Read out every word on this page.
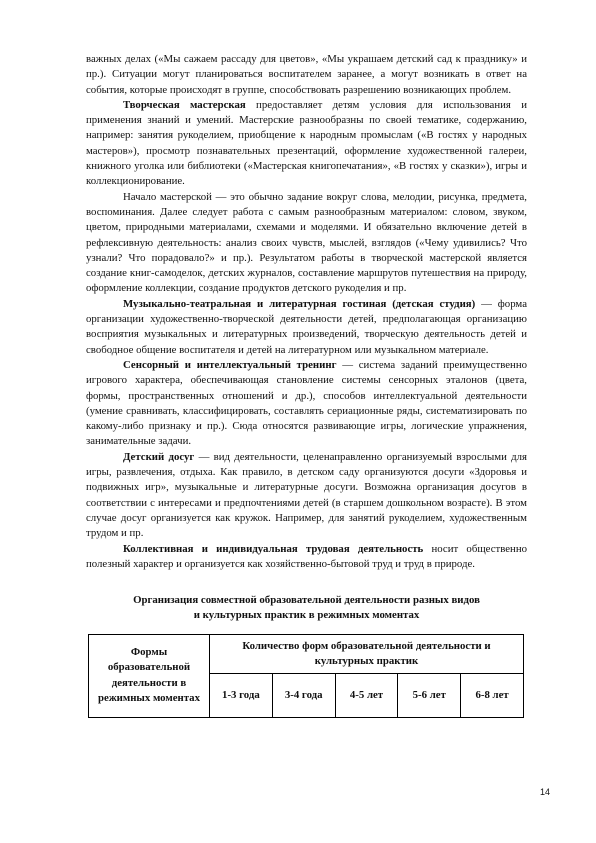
важных делах («Мы сажаем рассаду для цветов», «Мы украшаем детский сад к празднику» и пр.). Ситуации могут планироваться воспитателем заранее, а могут возникать в ответ на события, которые происходят в группе, способствовать разрешению возникающих проблем.

Творческая мастерская предоставляет детям условия для использования и применения знаний и умений. Мастерские разнообразны по своей тематике, содержанию, например: занятия рукоделием, приобщение к народным промыслам («В гостях у народных мастеров»), просмотр познавательных презентаций, оформление художественной галереи, книжного уголка или библиотеки («Мастерская книгопечатания», «В гостях у сказки»), игры и коллекционирование.

Начало мастерской — это обычно задание вокруг слова, мелодии, рисунка, предмета, воспоминания. Далее следует работа с самым разнообразным материалом: словом, звуком, цветом, природными материалами, схемами и моделями. И обязательно включение детей в рефлексивную деятельность: анализ своих чувств, мыслей, взглядов («Чему удивились? Что узнали? Что порадовало?» и пр.). Результатом работы в творческой мастерской является создание книг-самоделок, детских журналов, составление маршрутов путешествия на природу, оформление коллекции, создание продуктов детского рукоделия и пр.

Музыкально-театральная и литературная гостиная (детская студия) — форма организации художественно-творческой деятельности детей, предполагающая организацию восприятия музыкальных и литературных произведений, творческую деятельность детей и свободное общение воспитателя и детей на литературном или музыкальном материале.

Сенсорный и интеллектуальный тренинг — система заданий преимущественно игрового характера, обеспечивающая становление системы сенсорных эталонов (цвета, формы, пространственных отношений и др.), способов интеллектуальной деятельности (умение сравнивать, классифицировать, составлять сериационные ряды, систематизировать по какому-либо признаку и пр.). Сюда относятся развивающие игры, логические упражнения, занимательные задачи.

Детский досуг — вид деятельности, целенаправленно организуемый взрослыми для игры, развлечения, отдыха. Как правило, в детском саду организуются досуги «Здоровья и подвижных игр», музыкальные и литературные досуги. Возможна организация досугов в соответствии с интересами и предпочтениями детей (в старшем дошкольном возрасте). В этом случае досуг организуется как кружок. Например, для занятий рукоделием, художественным трудом и пр.

Коллективная и индивидуальная трудовая деятельность носит общественно полезный характер и организуется как хозяйственно-бытовой труд и труд в природе.

Организация совместной образовательной деятельности разных видов
и культурных практик в режимных моментах
Формы образовательной деятельности в режимных моментах	Количество форм образовательной деятельности и культурных практик				
	1-3 года	3-4 года	4-5 лет	5-6 лет	6-8 лет
14
